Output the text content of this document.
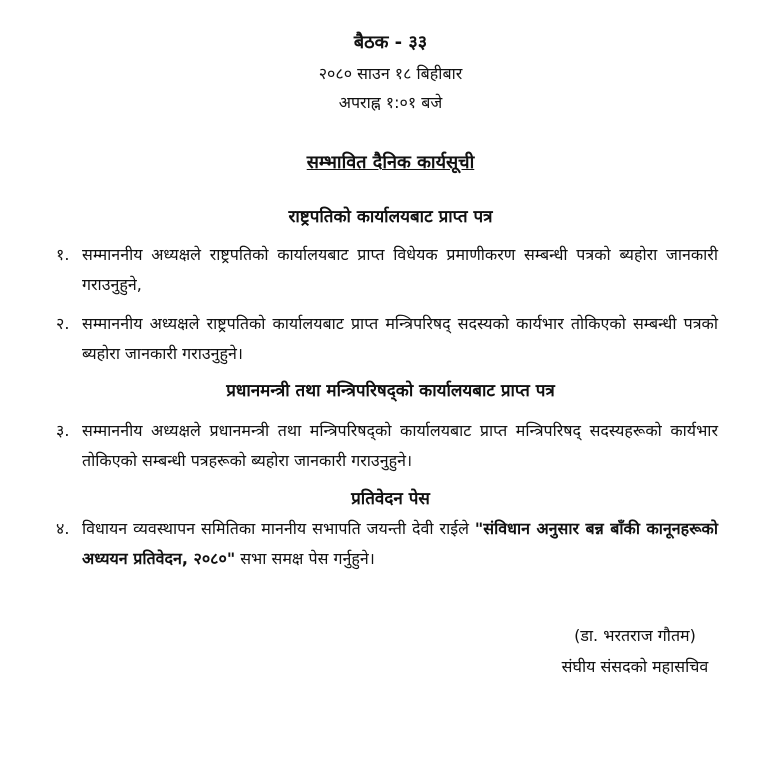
बैठक - ३३
२०८० साउन १८ बिहीबार
अपराह्न १:०१ बजे
सम्भावित दैनिक कार्यसूची
राष्ट्रपतिको कार्यालयबाट प्राप्त पत्र
१. सम्माननीय अध्यक्षले राष्ट्रपतिको कार्यालयबाट प्राप्त विधेयक प्रमाणीकरण सम्बन्धी पत्रको ब्यहोरा जानकारी गराउनुहुने,
२. सम्माननीय अध्यक्षले राष्ट्रपतिको कार्यालयबाट प्राप्त मन्त्रिपरिषद् सदस्यको कार्यभार तोकिएको सम्बन्धी पत्रको ब्यहोरा जानकारी गराउनुहुने।
प्रधानमन्त्री तथा मन्त्रिपरिषद्को कार्यालयबाट प्राप्त पत्र
३. सम्माननीय अध्यक्षले प्रधानमन्त्री तथा मन्त्रिपरिषद्को कार्यालयबाट प्राप्त मन्त्रिपरिषद् सदस्यहरूको कार्यभार तोकिएको सम्बन्धी पत्रहरूको ब्यहोरा जानकारी गराउनुहुने।
प्रतिवेदन पेस
४. विधायन व्यवस्थापन समितिका माननीय सभापति जयन्ती देवी राईले "संविधान अनुसार बन्न बाँकी कानूनहरूको अध्ययन प्रतिवेदन, २०८०" सभा समक्ष पेस गर्नुहुने।
(डा. भरतराज गौतम)
संघीय संसदको महासचिव
